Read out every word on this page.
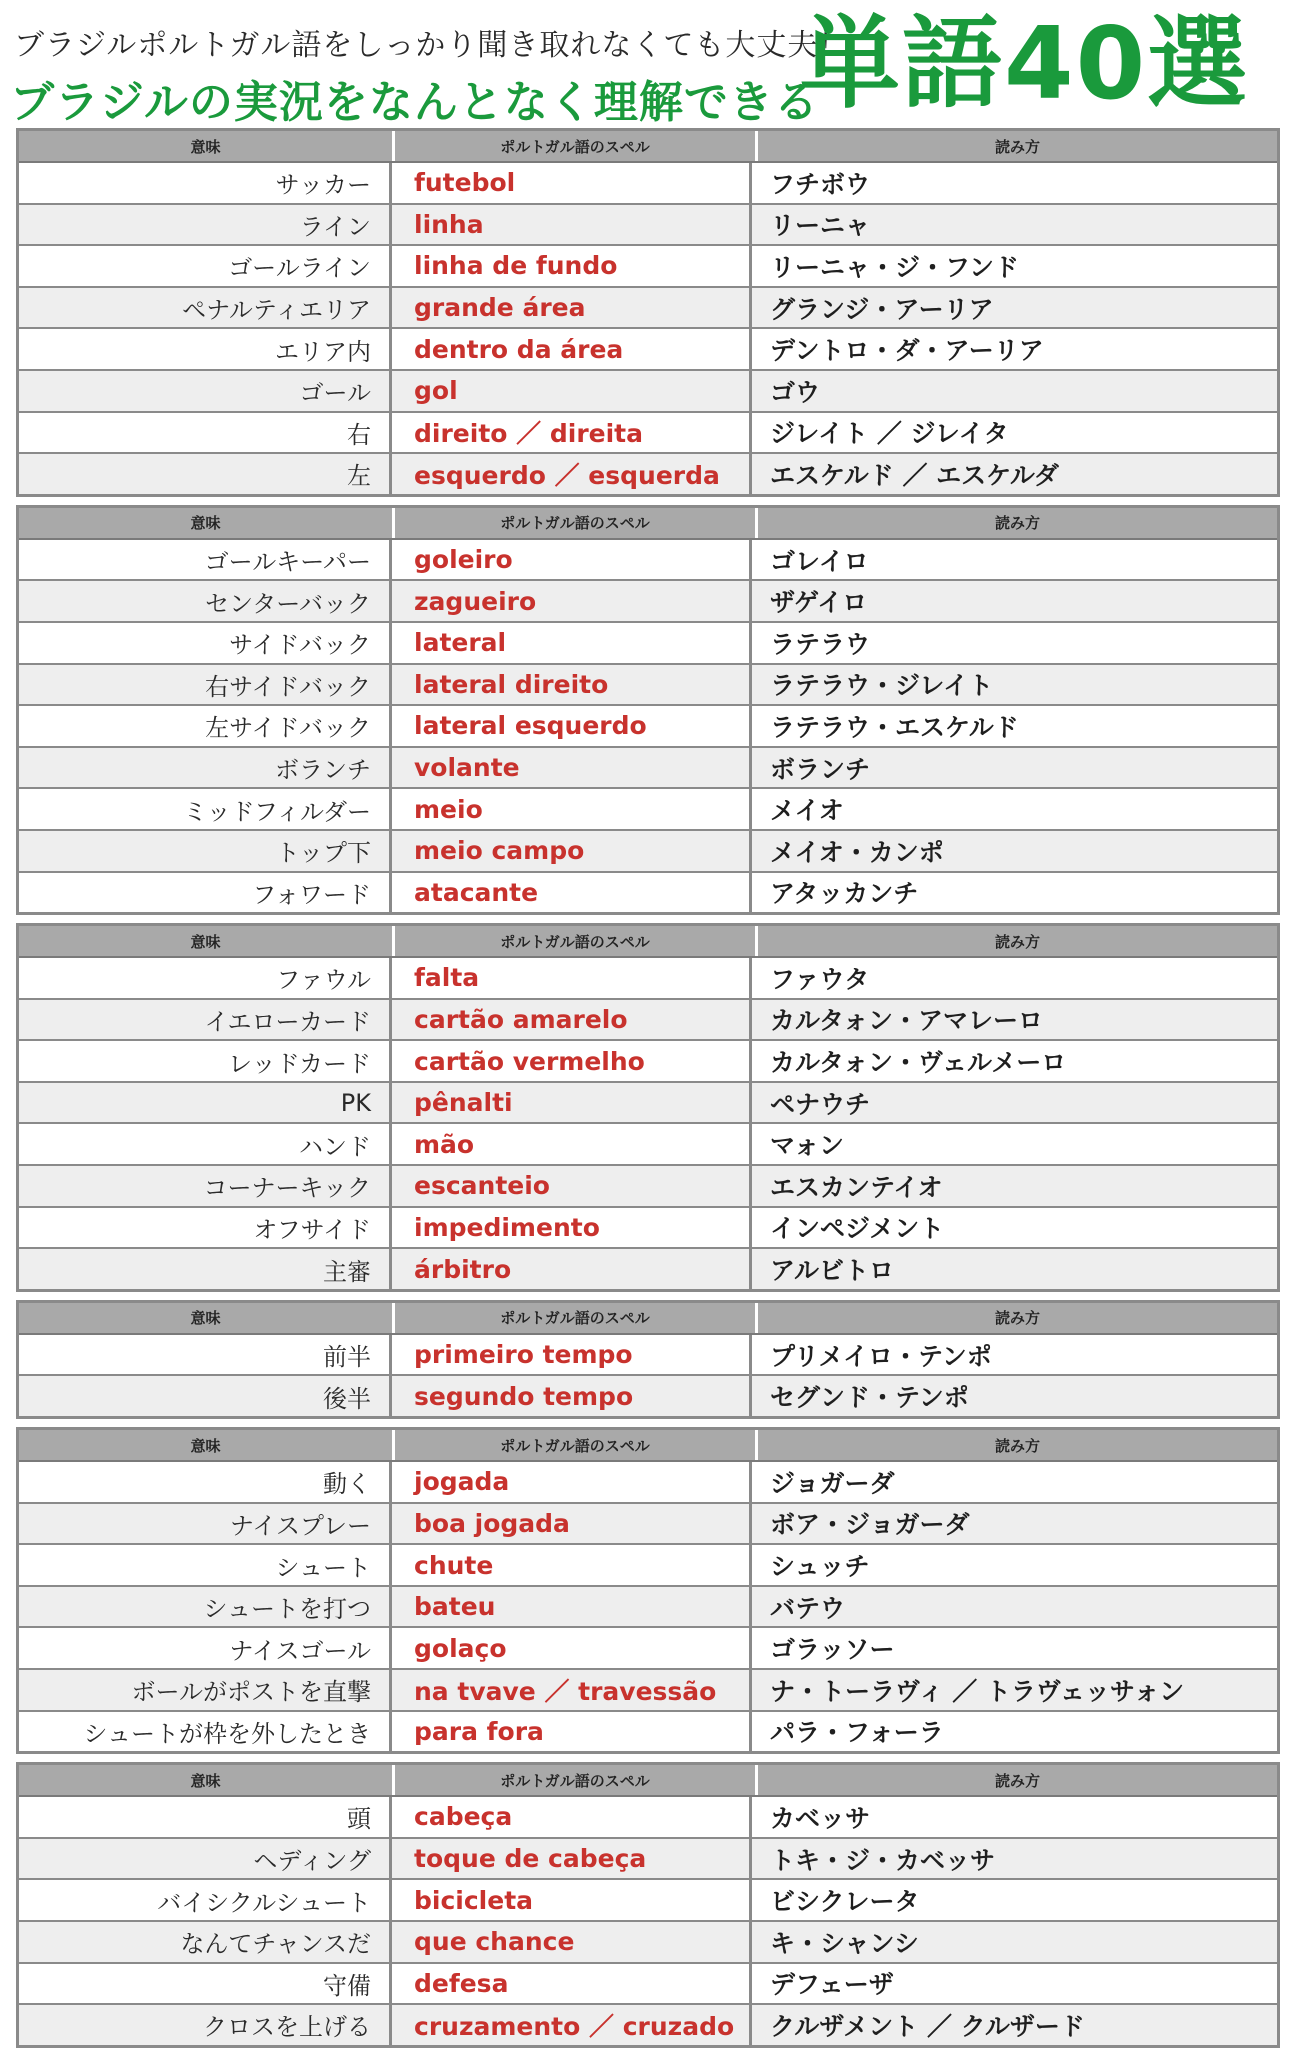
ブラジルポルトガル語をしっかり聞き取れなくても大丈夫！
ブラジルの実況をなんとなく理解できる
単語40選
意味	ポルトガル語のスペル	読み方
サッカー	futebol	フチボウ
ライン	linha	リーニャ
ゴールライン	linha de fundo	リーニャ・ジ・フンド
ペナルティエリア	grande área	グランジ・アーリア
エリア内	dentro da área	デントロ・ダ・アーリア
ゴール	gol	ゴウ
右	direito ／ direita	ジレイト ／ ジレイタ
左	esquerdo ／ esquerda	エスケルド ／ エスケルダ
意味	ポルトガル語のスペル	読み方
ゴールキーパー	goleiro	ゴレイロ
センターバック	zagueiro	ザゲイロ
サイドバック	lateral	ラテラウ
右サイドバック	lateral direito	ラテラウ・ジレイト
左サイドバック	lateral esquerdo	ラテラウ・エスケルド
ボランチ	volante	ボランチ
ミッドフィルダー	meio	メイオ
トップ下	meio campo	メイオ・カンポ
フォワード	atacante	アタッカンチ
意味	ポルトガル語のスペル	読み方
ファウル	falta	ファウタ
イエローカード	cartão amarelo	カルタォン・アマレーロ
レッドカード	cartão vermelho	カルタォン・ヴェルメーロ
PK	pênalti	ペナウチ
ハンド	mão	マォン
コーナーキック	escanteio	エスカンテイオ
オフサイド	impedimento	インペジメント
主審	árbitro	アルビトロ
意味	ポルトガル語のスペル	読み方
前半	primeiro tempo	プリメイロ・テンポ
後半	segundo tempo	セグンド・テンポ
意味	ポルトガル語のスペル	読み方
動く	jogada	ジョガーダ
ナイスプレー	boa jogada	ボア・ジョガーダ
シュート	chute	シュッチ
シュートを打つ	bateu	バテウ
ナイスゴール	golaço	ゴラッソー
ボールがポストを直撃	na tvave ／ travessão	ナ・トーラヴィ ／ トラヴェッサォン
シュートが枠を外したとき	para fora	パラ・フォーラ
意味	ポルトガル語のスペル	読み方
頭	cabeça	カベッサ
ヘディング	toque de cabeça	トキ・ジ・カベッサ
バイシクルシュート	bicicleta	ビシクレータ
なんてチャンスだ	que chance	キ・シャンシ
守備	defesa	デフェーザ
クロスを上げる	cruzamento ／ cruzado	クルザメント ／ クルザード
